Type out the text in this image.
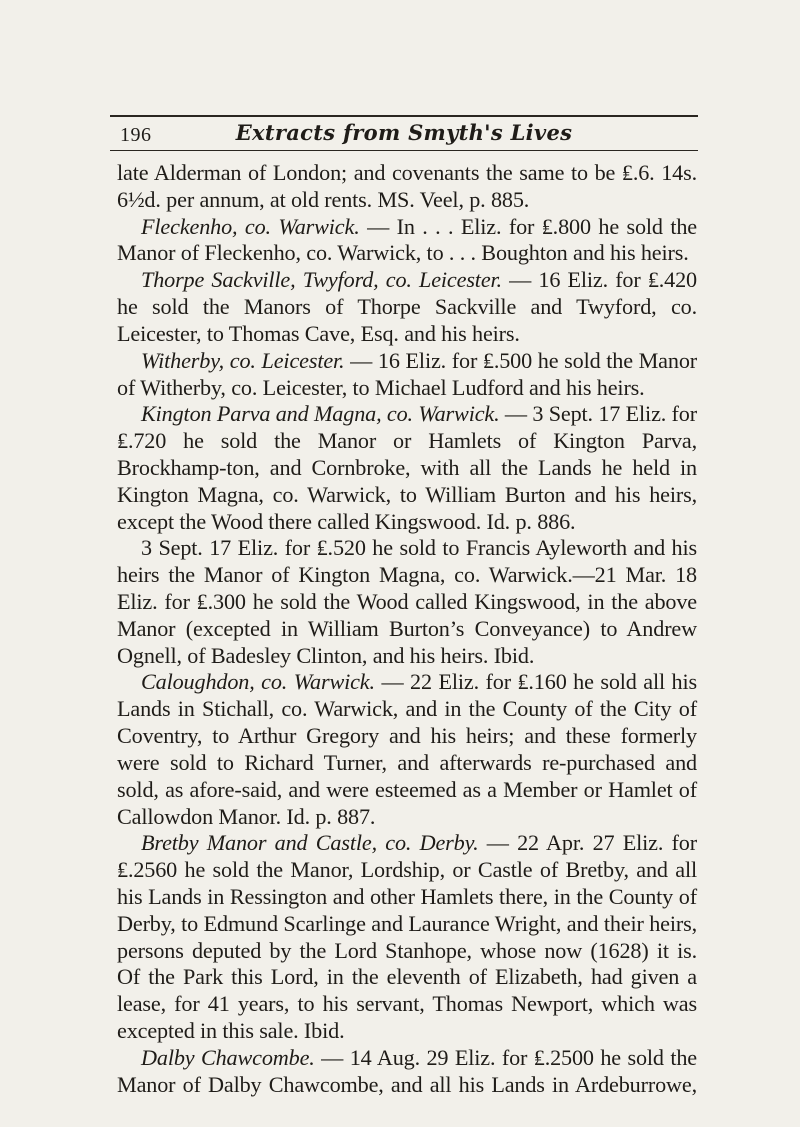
196	Extracts from Smyth's Lives

late Alderman of London; and covenants the same to be ₤.6. 14s. 6½d. per annum, at old rents. MS. Veel, p. 885.

Fleckenho, co. Warwick. — In . . . Eliz. for ₤.800 he sold the Manor of Fleckenho, co. Warwick, to . . . Boughton and his heirs.

Thorpe Sackville, Twyford, co. Leicester. — 16 Eliz. for ₤.420 he sold the Manors of Thorpe Sackville and Twyford, co. Leicester, to Thomas Cave, Esq. and his heirs.

Witherby, co. Leicester. — 16 Eliz. for ₤.500 he sold the Manor of Witherby, co. Leicester, to Michael Ludford and his heirs.

Kington Parva and Magna, co. Warwick. — 3 Sept. 17 Eliz. for ₤.720 he sold the Manor or Hamlets of Kington Parva, Brockhamp-ton, and Cornbroke, with all the Lands he held in Kington Magna, co. Warwick, to William Burton and his heirs, except the Wood there called Kingswood. Id. p. 886.

3 Sept. 17 Eliz. for ₤.520 he sold to Francis Ayleworth and his heirs the Manor of Kington Magna, co. Warwick.—21 Mar. 18 Eliz. for ₤.300 he sold the Wood called Kingswood, in the above Manor (excepted in William Burton’s Conveyance) to Andrew Ognell, of Badesley Clinton, and his heirs. Ibid.

Caloughdon, co. Warwick. — 22 Eliz. for ₤.160 he sold all his Lands in Stichall, co. Warwick, and in the County of the City of Coventry, to Arthur Gregory and his heirs; and these formerly were sold to Richard Turner, and afterwards re-purchased and sold, as afore-said, and were esteemed as a Member or Hamlet of Callowdon Manor. Id. p. 887.

Bretby Manor and Castle, co. Derby. — 22 Apr. 27 Eliz. for ₤.2560 he sold the Manor, Lordship, or Castle of Bretby, and all his Lands in Ressington and other Hamlets there, in the County of Derby, to Edmund Scarlinge and Laurance Wright, and their heirs, persons deputed by the Lord Stanhope, whose now (1628) it is. Of the Park this Lord, in the eleventh of Elizabeth, had given a lease, for 41 years, to his servant, Thomas Newport, which was excepted in this sale. Ibid.

Dalby Chawcombe. — 14 Aug. 29 Eliz. for ₤.2500 he sold the Manor of Dalby Chawcombe, and all his Lands in Ardeburrowe,
